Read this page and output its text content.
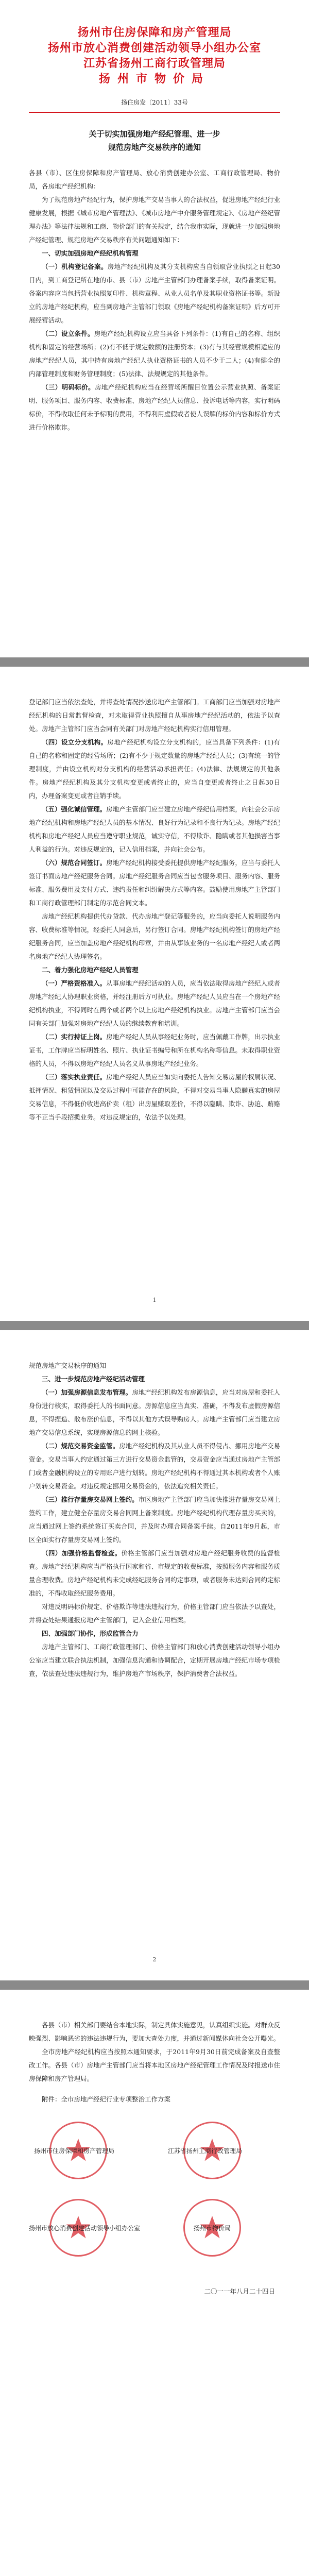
扬州市住房保障和房产管理局
扬州市放心消费创建活动领导小组办公室
江苏省扬州工商行政管理局
扬州市物价局
扬住房发〔2011〕33号
关于切实加强房地产经纪管理、进一步
规范房地产交易秩序的通知

各县（市）、区住房保障和房产管理局、放心消费创建办公室、工商行政管理局、物价局，各房地产经纪机构：

为了规范房地产经纪行为，保护房地产交易当事人的合法权益，促进房地产经纪行业健康发展，根据《城市房地产管理法》、《城市房地产中介服务管理规定》、《房地产经纪管理办法》等法律法规和工商、物价部门的有关规定，结合我市实际，现就进一步加强房地产经纪管理、规范房地产交易秩序有关问题通知如下：

一、切实加强房地产经纪机构管理

（一）机构登记备案。房地产经纪机构及其分支机构应当自领取营业执照之日起30日内，到工商登记所在地的市、县（市）房地产主管部门办理备案手续，取得备案证明。备案内容应当包括营业执照复印件、机构章程、从业人员名单及其职业资格证书等。新设立的房地产经纪机构，应当到房地产主管部门领取《房地产经纪机构备案证明》后方可开展经营活动。

（二）设立条件。房地产经纪机构设立应当具备下列条件：(1)有自己的名称、组织机构和固定的经营场所；(2)有不低于规定数额的注册资本；(3)有与其经营规模相适应的房地产经纪人员，其中持有房地产经纪人执业资格证书的人员不少于二人；(4)有健全的内部管理制度和财务管理制度；(5)法律、法规规定的其他条件。

（三）明码标价。房地产经纪机构应当在经营场所醒目位置公示营业执照、备案证明、服务项目、服务内容、收费标准、房地产经纪人员信息、投诉电话等内容，实行明码标价，不得收取任何未予标明的费用，不得利用虚假或者使人误解的标价内容和标价方式进行价格欺诈。

登记部门应当依法查处，并将查处情况抄送房地产主管部门。工商部门应当加强对房地产经纪机构的日常监督检查，对未取得营业执照擅自从事房地产经纪活动的，依法予以查处。房地产主管部门应当会同有关部门对房地产经纪机构实行信用管理。

（四）设立分支机构。房地产经纪机构设立分支机构的，应当具备下列条件：(1)有自己的名称和固定的经营场所；(2)有不少于规定数量的房地产经纪人员；(3)有统一的管理制度，并由设立机构对分支机构的经营活动承担责任；(4)法律、法规规定的其他条件。房地产经纪机构及其分支机构变更或者终止的，应当自变更或者终止之日起30日内，办理备案变更或者注销手续。

（五）强化诚信管理。房地产主管部门应当建立房地产经纪信用档案，向社会公示房地产经纪机构和房地产经纪人员的基本情况、良好行为记录和不良行为记录。房地产经纪机构和房地产经纪人员应当遵守职业规范，诚实守信，不得欺诈、隐瞒或者其他损害当事人利益的行为。对违反规定的，记入信用档案，并向社会公布。

（六）规范合同签订。房地产经纪机构接受委托提供房地产经纪服务，应当与委托人签订书面房地产经纪服务合同。房地产经纪服务合同应当包含服务项目、服务内容、服务标准、服务费用及支付方式、违约责任和纠纷解决方式等内容。鼓励使用房地产主管部门和工商行政管理部门制定的示范合同文本。

房地产经纪机构提供代办贷款、代办房地产登记等服务的，应当向委托人说明服务内容、收费标准等情况，经委托人同意后，另行签订合同。房地产经纪机构签订的房地产经纪服务合同，应当加盖房地产经纪机构印章，并由从事该业务的一名房地产经纪人或者两名房地产经纪人协理签名。

二、着力强化房地产经纪人员管理

（一）严格资格准入。从事房地产经纪活动的人员，应当依法取得房地产经纪人或者房地产经纪人协理职业资格，并经注册后方可执业。房地产经纪人员应当在一个房地产经纪机构执业，不得同时在两个或者两个以上房地产经纪机构执业。房地产主管部门应当会同有关部门加强对房地产经纪人员的继续教育和培训。

（二）实行持证上岗。房地产经纪人员从事经纪业务时，应当佩戴工作牌，出示执业证书，工作牌应当标明姓名、照片、执业证书编号和所在机构名称等信息。未取得职业资格的人员，不得以房地产经纪人员名义从事房地产经纪业务。

（三）落实执业责任。房地产经纪人员应当如实向委托人告知交易房屋的权属状况、抵押情况、租赁情况以及交易过程中可能存在的风险，不得对交易当事人隐瞒真实的房屋交易信息，不得低价收进高价卖（租）出房屋赚取差价，不得以隐瞒、欺诈、胁迫、贿赂等不正当手段招揽业务。对违反规定的，依法予以处理。

1

规范房地产交易秩序的通知

三、进一步规范房地产经纪活动管理

（一）加强房源信息发布管理。房地产经纪机构发布房源信息，应当对房屋和委托人身份进行核实，取得委托人的书面同意。房源信息应当真实、准确，不得发布虚假房源信息，不得捏造、散布涨价信息，不得以其他方式误导购房人。房地产主管部门应当建立房地产交易信息系统，实现房源信息的网上核验。

（二）规范交易资金监管。房地产经纪机构及其从业人员不得侵占、挪用房地产交易资金。交易当事人约定通过第三方进行交易资金监管的，交易资金应当通过房地产主管部门或者金融机构设立的专用账户进行划转。房地产经纪机构不得通过其本机构或者个人账户划转交易资金。对违反规定挪用交易资金的，依法追究相关责任。

（三）推行存量房交易网上签约。市区房地产主管部门应当加快推进存量房交易网上签约工作，建立健全存量房交易合同网上备案制度。房地产经纪机构代理存量房买卖的，应当通过网上签约系统签订买卖合同，并及时办理合同备案手续。自2011年9月起，市区全面实行存量房交易网上签约。

（四）加强价格监督检查。价格主管部门应当加强对房地产经纪服务收费的监督检查。房地产经纪机构应当严格执行国家和省、市规定的收费标准，按照服务内容和服务质量合理收费。房地产经纪机构未完成经纪服务合同约定事项，或者服务未达到合同约定标准的，不得收取经纪服务费用。

对违反明码标价规定、价格欺诈等违法违规行为，价格主管部门应当依法予以查处，并将查处结果通报房地产主管部门，记入企业信用档案。

四、加强部门协作，形成监管合力

房地产主管部门、工商行政管理部门、价格主管部门和放心消费创建活动领导小组办公室应当建立联合执法机制，加强信息沟通和协调配合，定期开展房地产经纪市场专项检查，依法查处违法违规行为，维护房地产市场秩序，保护消费者合法权益。

2

各县（市）相关部门要结合本地实际，制定具体实施意见，认真组织实施。对群众反映强烈、影响恶劣的违法违规行为，要加大查处力度，并通过新闻媒体向社会公开曝光。

全市房地产经纪机构应当按照本通知要求，于2011年9月30日前完成备案及自查整改工作。各县（市）房地产主管部门应当将本地区房地产经纪管理工作情况及时报送市住房保障和房产管理局。

附件：全市房地产经纪行业专项整治工作方案

扬州市住房保障和房产管理局	江苏省扬州工商行政管理局
扬州市放心消费创建活动领导小组办公室	扬州市物价局
二〇一一年八月二十四日
